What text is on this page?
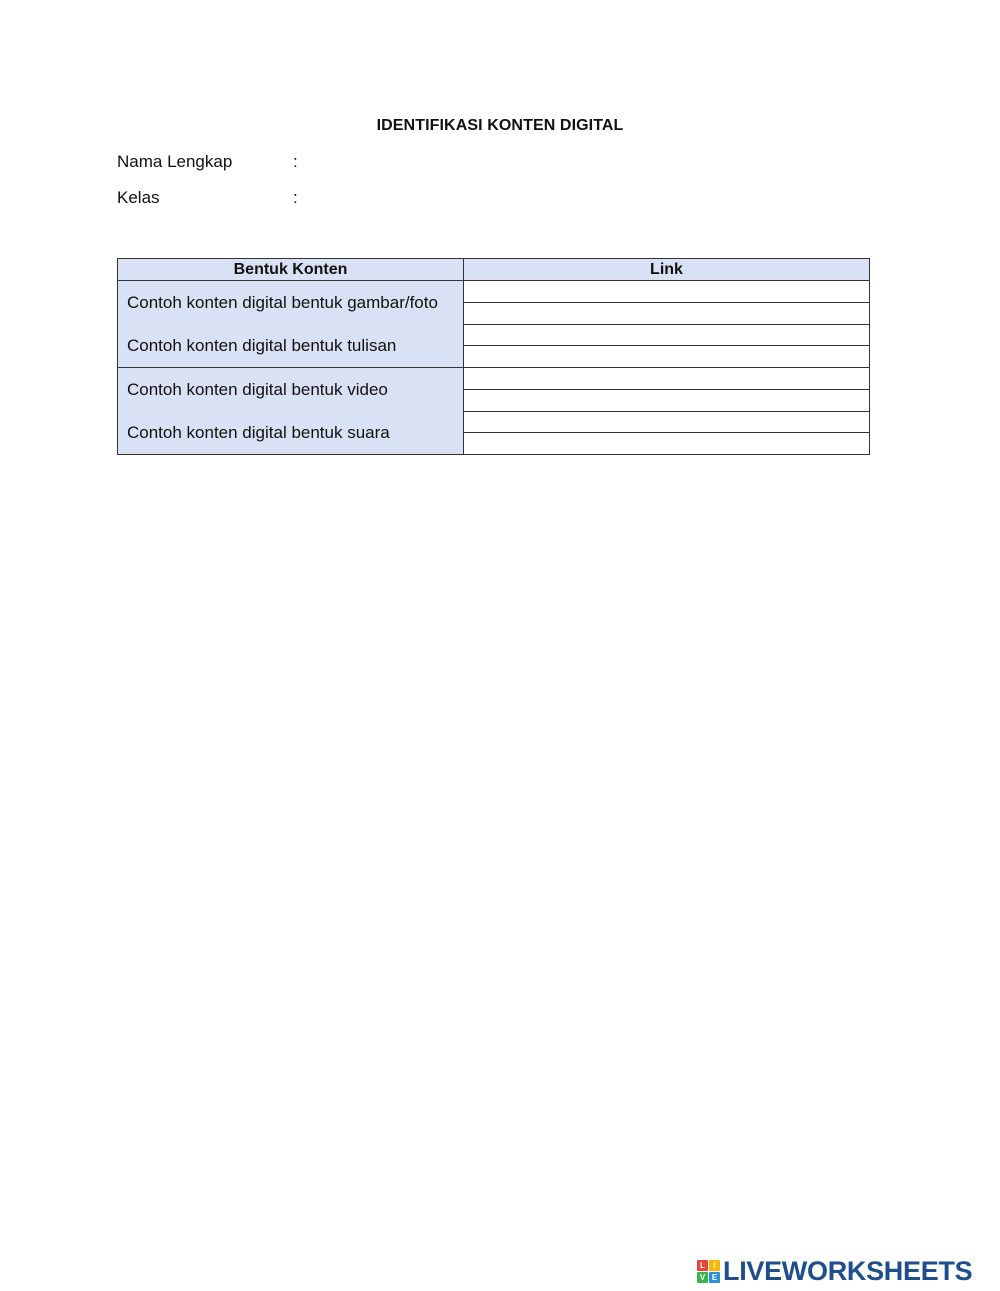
IDENTIFIKASI KONTEN DIGITAL
Nama Lengkap	:
Kelas	:
Bentuk Konten	Link

Contoh konten digital bentuk gambar/foto
Contoh konten digital bentuk tulisan	

Contoh konten digital bentuk video
Contoh konten digital bentuk suara	

L	I
V E LIVEWORKSHEETS
